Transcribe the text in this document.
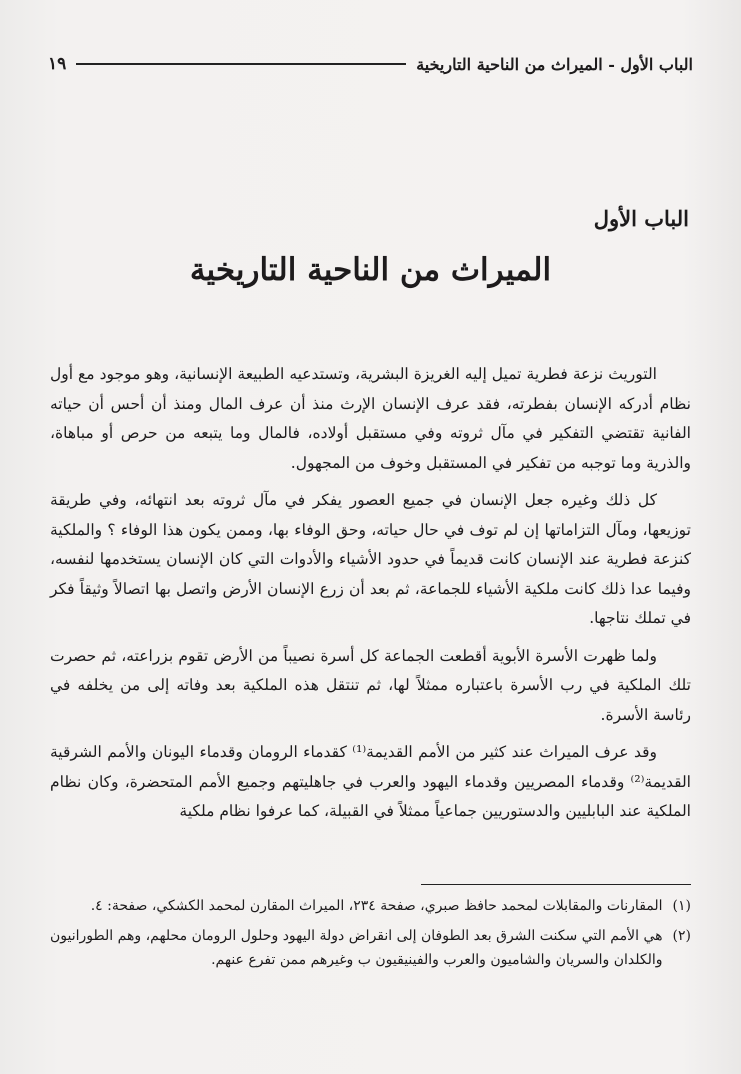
الباب الأول - الميراث من الناحية التاريخية
١٩
الباب الأول
الميراث من الناحية التاريخية

التوريث نزعة فطرية تميل إليه الغريزة البشرية، وتستدعيه الطبيعة الإنسانية، وهو موجود مع أول نظام أدركه الإنسان بفطرته، فقد عرف الإنسان الإرث منذ أن عرف المال ومنذ أن أحس أن حياته الفانية تقتضي التفكير في مآل ثروته وفي مستقبل أولاده، فالمال وما يتبعه من حرص أو مباهاة، والذرية وما توجبه من تفكير في المستقبل وخوف من المجهول.

كل ذلك وغيره جعل الإنسان في جميع العصور يفكر في مآل ثروته بعد انتهائه، وفي طريقة توزيعها، ومآل التزاماتها إن لم توف في حال حياته، وحق الوفاء بها، وممن يكون هذا الوفاء ؟ والملكية كنزعة فطرية عند الإنسان كانت قديماً في حدود الأشياء والأدوات التي كان الإنسان يستخدمها لنفسه، وفيما عدا ذلك كانت ملكية الأشياء للجماعة، ثم بعد أن زرع الإنسان الأرض واتصل بها اتصالاً وثيقاً فكر في تملك نتاجها.

ولما ظهرت الأسرة الأبوية أقطعت الجماعة كل أسرة نصيباً من الأرض تقوم بزراعته، ثم حصرت تلك الملكية في رب الأسرة باعتباره ممثلاً لها، ثم تنتقل هذه الملكية بعد وفاته إلى من يخلفه في رئاسة الأسرة.

وقد عرف الميراث عند كثير من الأمم القديمة⁽¹⁾ كقدماء الرومان وقدماء اليونان والأمم الشرقية القديمة⁽²⁾ وقدماء المصريين وقدماء اليهود والعرب في جاهليتهم وجميع الأمم المتحضرة، وكان نظام الملكية عند البابليين والدستوريين جماعياً ممثلاً في القبيلة، كما عرفوا نظام ملكية

(١)
المقارنات والمقابلات لمحمد حافظ صبري، صفحة ٢٣٤، الميراث المقارن لمحمد الكشكي، صفحة: ٤.
(٢)
هي الأمم التي سكنت الشرق بعد الطوفان إلى انقراض دولة اليهود وحلول الرومان محلهم، وهم الطورانيون والكلدان والسريان والشاميون والعرب والفينيقيون ب وغيرهم ممن تفرع عنهم.
